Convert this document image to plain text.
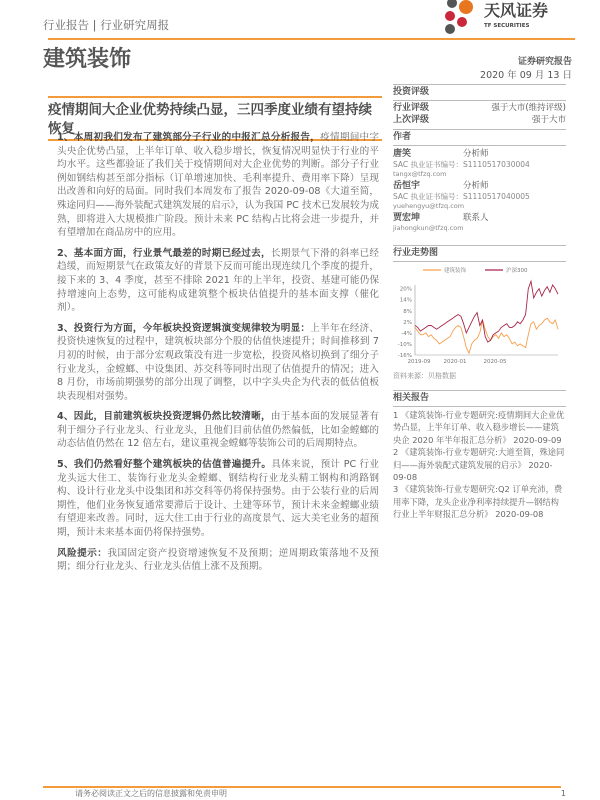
行业报告 | 行业研究周报
天风证券
TF SECURITIES
建筑装饰
疫情期间大企业优势持续凸显，三四季度业绩有望持续恢复
证券研究报告
2020 年 09 月 13 日
投资评级
行业评级	强于大市(维持评级)
上次评级	强于大市
作者
唐笑	分析师
SAC 执业证书编号：S1110517030004
tangx@tfzq.com
岳恒宇	分析师
SAC 执业证书编号：S1110517040005
yuehengyu@tfzq.com
贾宏坤	联系人
jiahongkun@tfzq.com
行业走势图
20%
14%
8%
2%
-4%
-10%
-16%
2019-09 2020-01	2020-05
建筑装饰	沪深300
资料来源：贝格数据
相关报告
1 《建筑装饰-行业专题研究:疫情期间大企业优势凸显，上半年订单、收入稳步增长——建筑央企 2020 年半年报汇总分析》 2020-09-09
2 《建筑装饰-行业专题研究:大道至简，殊途同归——海外装配式建筑发展的启示》 2020-09-08
3 《建筑装饰-行业专题研究:Q2 订单充沛，费用率下降，龙头企业净利率持续提升—钢结构行业上半年财报汇总分析》 2020-09-08

1、本周初我们发布了建筑部分子行业的中报汇总分析报告，疫情期间中字头央企优势凸显，上半年订单、收入稳步增长，恢复情况明显快于行业的平均水平。这些都验证了我们关于疫情期间对大企业优势的判断。部分子行业例如钢结构甚至部分指标（订单增速加快、毛利率提升、费用率下降）呈现出改善和向好的局面。同时我们本周发布了报告 2020-09-08《大道至简，殊途同归——海外装配式建筑发展的启示》，认为我国 PC 技术已发展较为成熟，即将进入大规模推广阶段。预计未来 PC 结构占比将会进一步提升，并有望增加在商品房中的应用。

2、基本面方面，行业景气最差的时期已经过去，长期景气下滑的斜率已经趋缓，而短期景气在政策友好的背景下反而可能出现连续几个季度的提升，接下来的 3、4 季度，甚至不排除 2021 年的上半年，投资、基建可能仍保持增速向上态势，这可能构成建筑整个板块估值提升的基本面支撑（催化剂）。

3、投资行为方面，今年板块投资逻辑演变规律较为明显：上半年在经济、投资快速恢复的过程中，建筑板块部分个股的估值快速提升；时间推移到 7 月初的时候，由于部分宏观政策没有进一步宽松，投资风格切换到了细分子行业龙头，金螳螂、中设集团、苏交科等同时出现了估值提升的情况；进入 8 月份，市场前期强势的部分出现了调整，以中字头央企为代表的低估值板块表现相对强势。

4、因此，目前建筑板块投资逻辑仍然比较清晰，由于基本面的发展显著有利于细分子行业龙头、行业龙头，且他们目前估值仍然偏低，比如金螳螂的动态估值仍然在 12 倍左右，建议重视金螳螂等装饰公司的后周期特点。

5、我们仍然看好整个建筑板块的估值普遍提升。具体来说，预计 PC 行业龙头远大住工、装饰行业龙头金螳螂、钢结构行业龙头精工钢构和鸿路钢构、设计行业龙头中设集团和苏交科等仍将保持强势。由于公装行业的后周期性，他们业务恢复通常要滞后于设计、土建等环节，预计未来金螳螂业绩有望迎来改善。同时，远大住工由于行业的高度景气、远大美宅业务的超预期，预计未来基本面仍将保持强势。

风险提示：我国固定资产投资增速恢复不及预期；逆周期政策落地不及预期；细分行业龙头、行业龙头估值上涨不及预期。

请务必阅读正文之后的信息披露和免责申明	1
